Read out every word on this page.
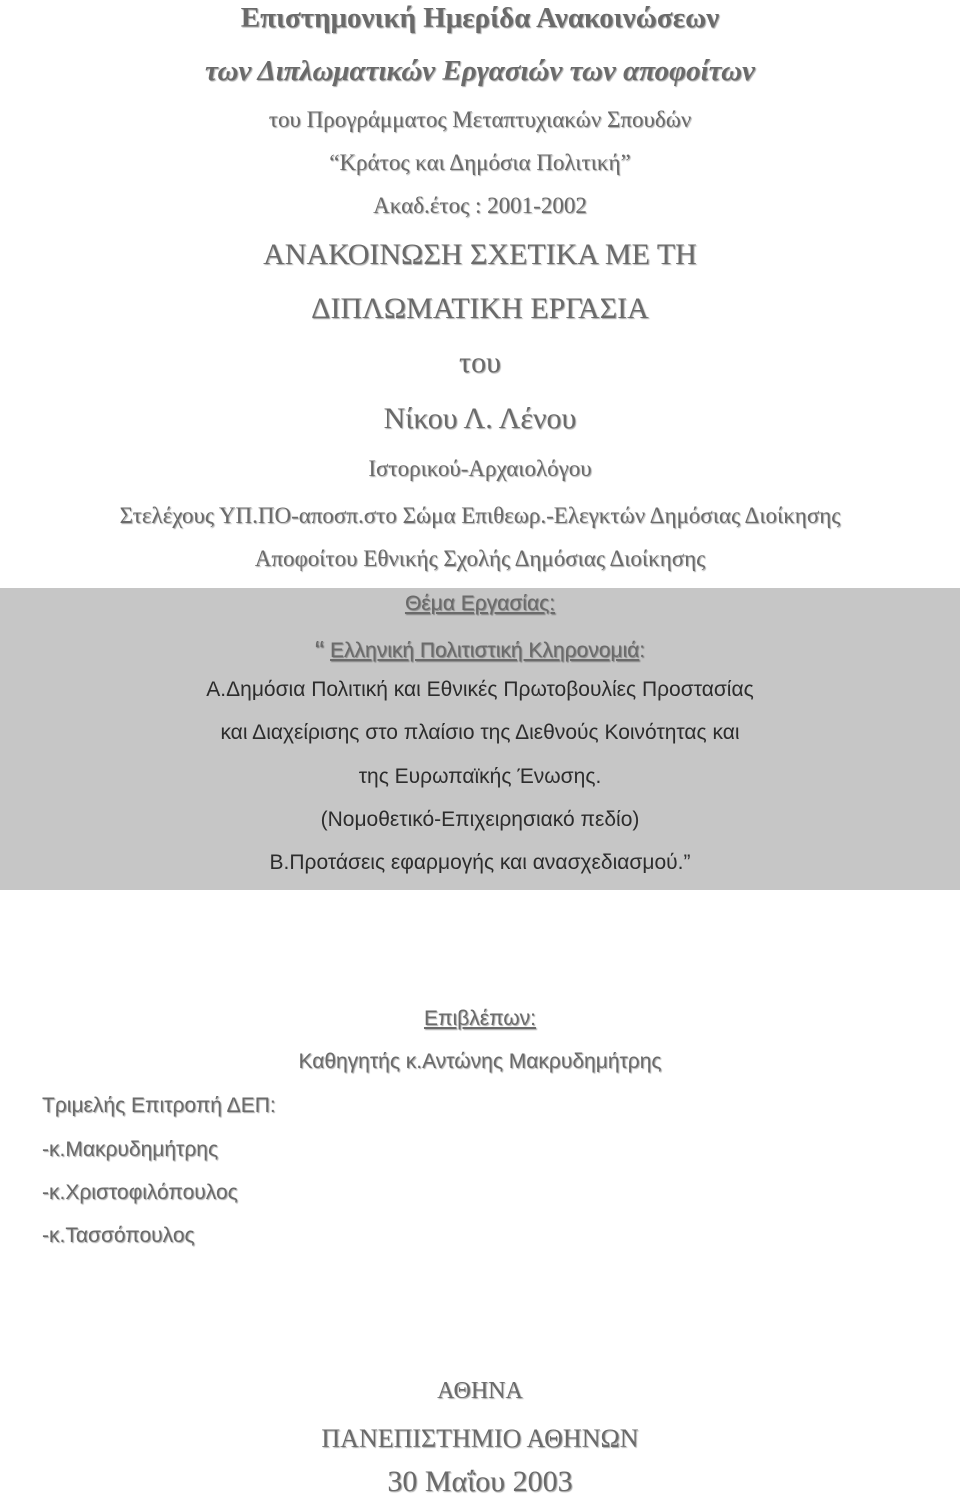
Επιστημονική Ημερίδα Ανακοινώσεων
των Διπλωματικών Εργασιών των αποφοίτων
του Προγράμματος Μεταπτυχιακών Σπουδών
“Κράτος και Δημόσια Πολιτική”
Ακαδ.έτος : 2001-2002
ΑΝΑΚΟΙΝΩΣΗ ΣΧΕΤΙΚΑ ΜΕ ΤΗ
ΔΙΠΛΩΜΑΤΙΚΗ ΕΡΓΑΣΙΑ
του
Νίκου Λ. Λένου
Ιστορικού-Αρχαιολόγου
Στελέχους ΥΠ.ΠΟ-αποσπ.στο Σώμα Επιθεωρ.-Ελεγκτών Δημόσιας Διοίκησης
Αποφοίτου Εθνικής Σχολής Δημόσιας Διοίκησης
Θέμα Εργασίας:
“ Ελληνική Πολιτιστική Κληρονομιά:
Α.Δημόσια Πολιτική και Εθνικές Πρωτοβουλίες Προστασίας
και Διαχείρισης στο πλαίσιο της Διεθνούς Κοινότητας και
της Ευρωπαϊκής Ένωσης.
(Νομοθετικό-Επιχειρησιακό πεδίο)
Β.Προτάσεις εφαρμογής και ανασχεδιασμού.”
Επιβλέπων:
Καθηγητής κ.Αντώνης Μακρυδημήτρης
Τριμελής Επιτροπή ΔΕΠ:
-κ.Μακρυδημήτρης
-κ.Χριστοφιλόπουλος
-κ.Τασσόπουλος
ΑΘΗΝΑ
ΠΑΝΕΠΙΣΤΗΜΙΟ ΑΘΗΝΩΝ
30 Μαΐου 2003
